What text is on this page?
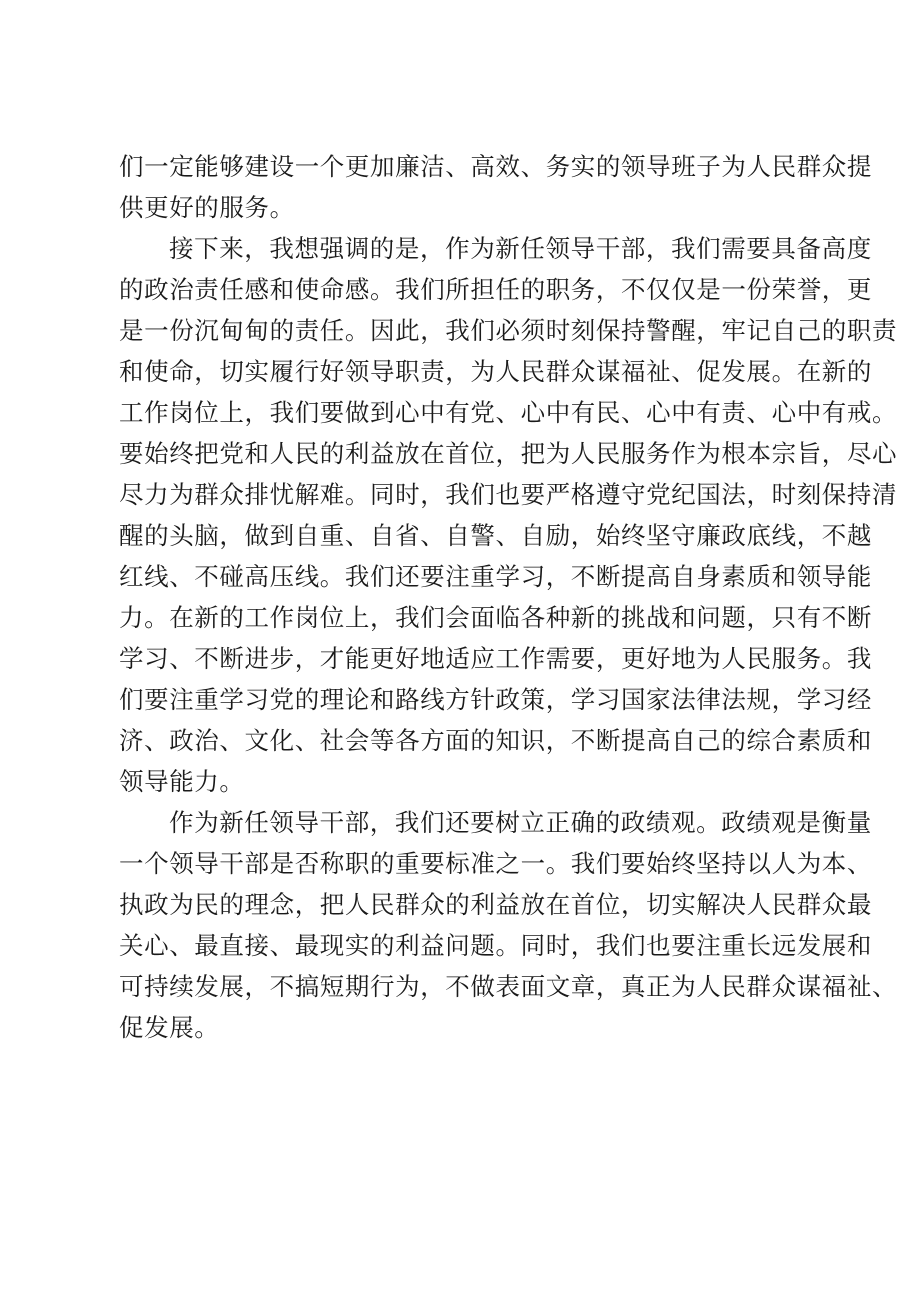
们一定能够建设一个更加廉洁、高效、务实的领导班子为人民群众提
供更好的服务。
接下来，我想强调的是，作为新任领导干部，我们需要具备高度
的政治责任感和使命感。我们所担任的职务，不仅仅是一份荣誉，更
是一份沉甸甸的责任。因此，我们必须时刻保持警醒，牢记自己的职责
和使命，切实履行好领导职责，为人民群众谋福祉、促发展。在新的
工作岗位上，我们要做到心中有党、心中有民、心中有责、心中有戒。
要始终把党和人民的利益放在首位，把为人民服务作为根本宗旨，尽心
尽力为群众排忧解难。同时，我们也要严格遵守党纪国法，时刻保持清
醒的头脑，做到自重、自省、自警、自励，始终坚守廉政底线，不越
红线、不碰高压线。我们还要注重学习，不断提高自身素质和领导能
力。在新的工作岗位上，我们会面临各种新的挑战和问题，只有不断
学习、不断进步，才能更好地适应工作需要，更好地为人民服务。我
们要注重学习党的理论和路线方针政策，学习国家法律法规，学习经
济、政治、文化、社会等各方面的知识，不断提高自己的综合素质和
领导能力。
作为新任领导干部，我们还要树立正确的政绩观。政绩观是衡量
一个领导干部是否称职的重要标准之一。我们要始终坚持以人为本、
执政为民的理念，把人民群众的利益放在首位，切实解决人民群众最
关心、最直接、最现实的利益问题。同时，我们也要注重长远发展和
可持续发展，不搞短期行为，不做表面文章，真正为人民群众谋福祉、
促发展。
